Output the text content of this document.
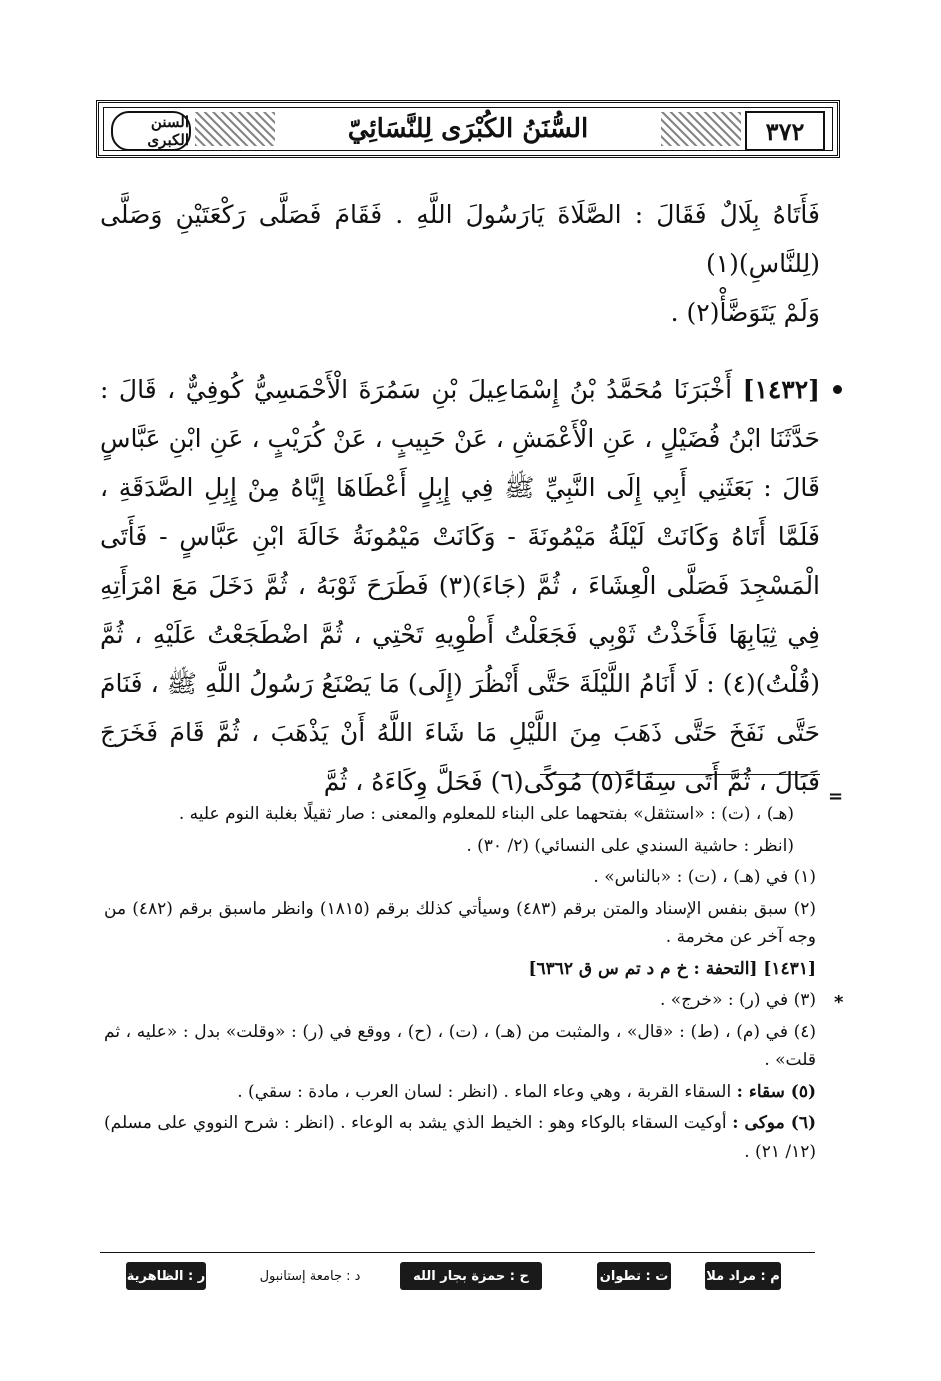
السنن الكبرى	السُّنَنُ الكُبْرَى لِلنَّسَائِيّ	٣٧٢

فَأَتَاهُ بِلَالٌ فَقَالَ : الصَّلَاةَ يَارَسُولَ اللَّهِ . فَقَامَ فَصَلَّى رَكْعَتَيْنِ وَصَلَّى (لِلنَّاسِ)(١)

وَلَمْ يَتَوَضَّأْ(٢) .

[١٤٣٢] أَخْبَرَنَا مُحَمَّدُ بْنُ إِسْمَاعِيلَ بْنِ سَمُرَةَ الْأَحْمَسِيُّ كُوفِيٌّ ، قَالَ : حَدَّثَنَا ابْنُ فُضَيْلٍ ، عَنِ الْأَعْمَشِ ، عَنْ حَبِيبٍ ، عَنْ كُرَيْبٍ ، عَنِ ابْنِ عَبَّاسٍ قَالَ : بَعَثَنِي أَبِي إِلَى النَّبِيِّ ﷺ فِي إِبِلٍ أَعْطَاهَا إِيَّاهُ مِنْ إِبِلِ الصَّدَقَةِ ، فَلَمَّا أَتَاهُ وَكَانَتْ لَيْلَةُ مَيْمُونَةَ - وَكَانَتْ مَيْمُونَةُ خَالَةَ ابْنِ عَبَّاسٍ - فَأَتَى الْمَسْجِدَ فَصَلَّى الْعِشَاءَ ، ثُمَّ (جَاءَ)(٣) فَطَرَحَ ثَوْبَهُ ، ثُمَّ دَخَلَ مَعَ امْرَأَتِهِ فِي ثِيَابِهَا فَأَخَذْتُ ثَوْبِي فَجَعَلْتُ أَطْوِيهِ تَحْتِي ، ثُمَّ اضْطَجَعْتُ عَلَيْهِ ، ثُمَّ (قُلْتُ)(٤) : لَا أَنَامُ اللَّيْلَةَ حَتَّى أَنْظُرَ (إِلَى) مَا يَصْنَعُ رَسُولُ اللَّهِ ﷺ ، فَنَامَ حَتَّى نَفَخَ حَتَّى ذَهَبَ مِنَ اللَّيْلِ مَا شَاءَ اللَّهُ أَنْ يَذْهَبَ ، ثُمَّ قَامَ فَخَرَجَ فَبَالَ ، ثُمَّ أَتَى سِقَاءً(٥) مُوكًى(٦) فَحَلَّ وِكَاءَهُ ، ثُمَّ

=
(هـ) ، (ت) : «استثقل» بفتحهما على البناء للمعلوم والمعنى : صار ثقيلًا بغلبة النوم عليه .
(انظر : حاشية السندي على النسائي) (٢/ ٣٠) .
(١) في (هـ) ، (ت) : «بالناس» .
(٢) سبق بنفس الإسناد والمتن برقم (٤٨٣) وسيأتي كذلك برقم (١٨١٥) وانظر ماسبق برقم (٤٨٢) من وجه آخر عن مخرمة .
[١٤٣١] [التحفة : خ م د تم س ق ٦٣٦٢]
(٣) في (ر) : «خرج» .
(٤) في (م) ، (ط) : «قال» ، والمثبت من (هـ) ، (ت) ، (ح) ، ووقع في (ر) : «وقلت» بدل : «عليه ، ثم قلت» .
(٥) سقاء : السقاء القربة ، وهي وعاء الماء . (انظر : لسان العرب ، مادة : سقي) .
(٦) موكى : أوكيت السقاء بالوكاء وهو : الخيط الذي يشد به الوعاء . (انظر : شرح النووي على مسلم) (١٢/ ٢١) .
*
ر : الظاهرية	د : جامعة إستانبول	ح : حمزة بجار الله	ت : تطوان	م : مراد ملا
